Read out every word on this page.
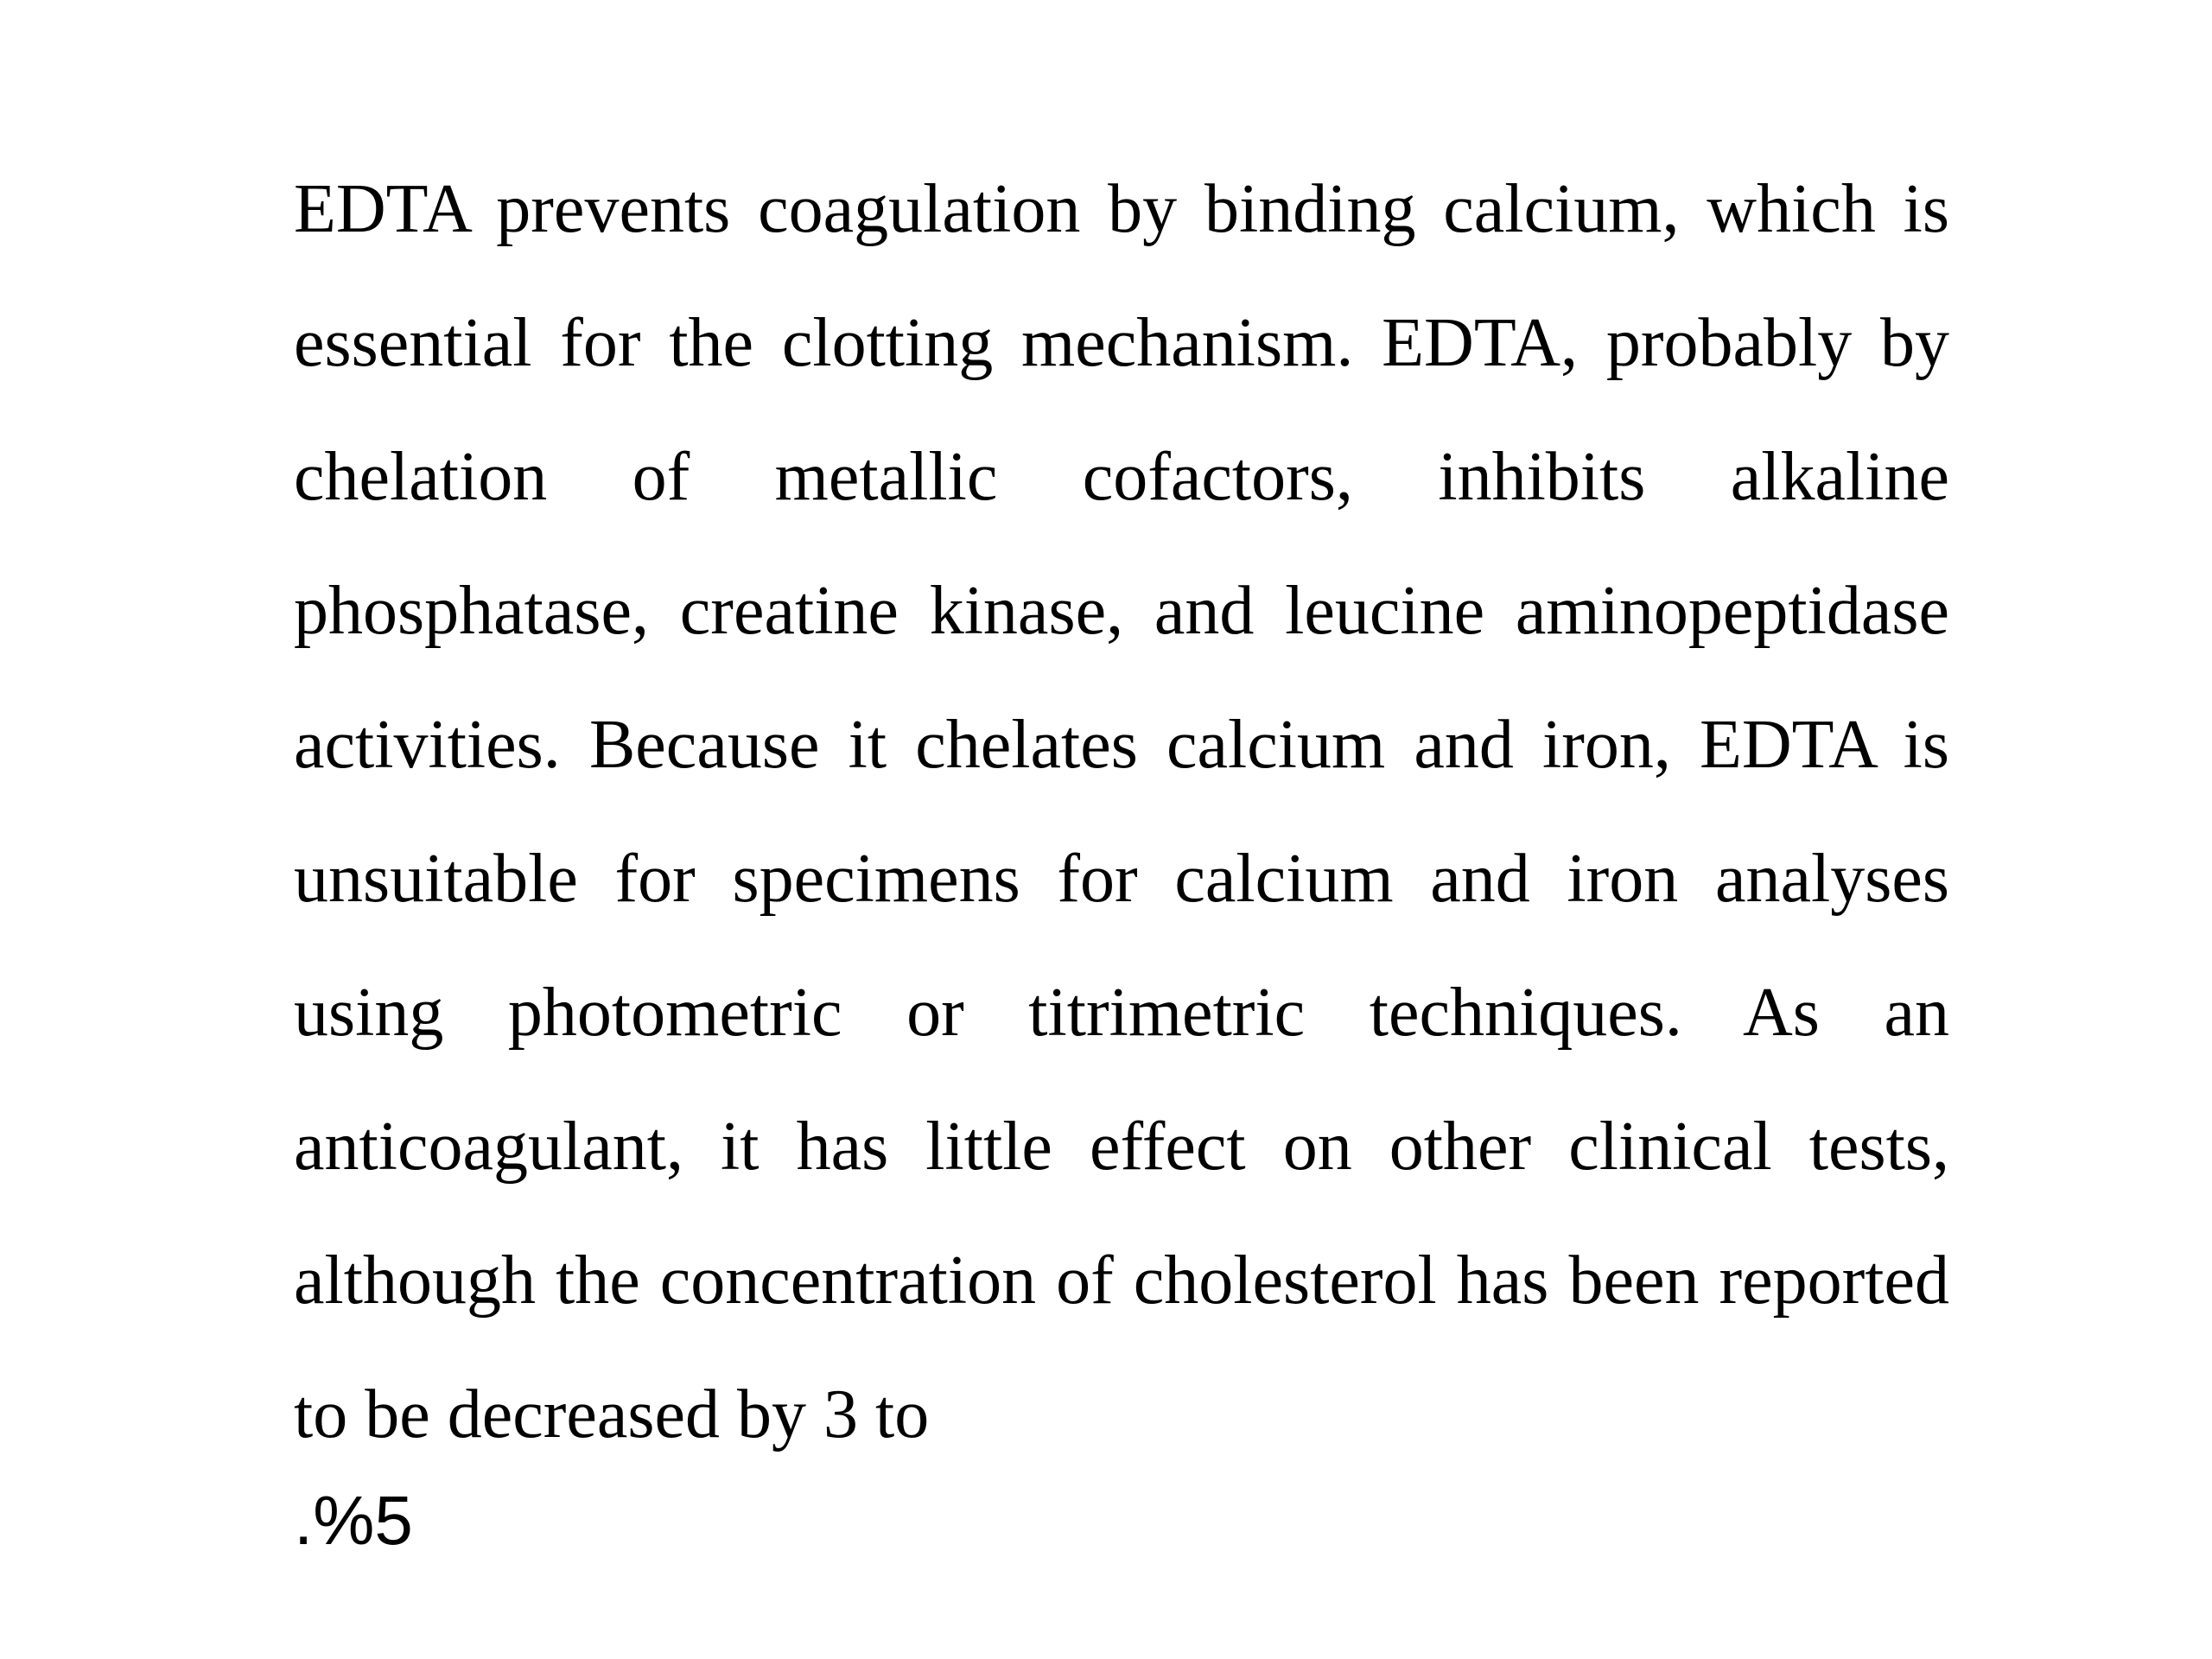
EDTA prevents coagulation by binding calcium, which is essential for the clotting mechanism. EDTA, probably by chelation of metallic cofactors, inhibits alkaline phosphatase, creatine kinase, and leucine aminopeptidase activities. Because it chelates calcium and iron, EDTA is unsuitable for specimens for calcium and iron analyses using photometric or titrimetric techniques. As an anticoagulant, it has little effect on other clinical tests, although the concentration of cholesterol has been reported to be decreased by 3 to

.%5
